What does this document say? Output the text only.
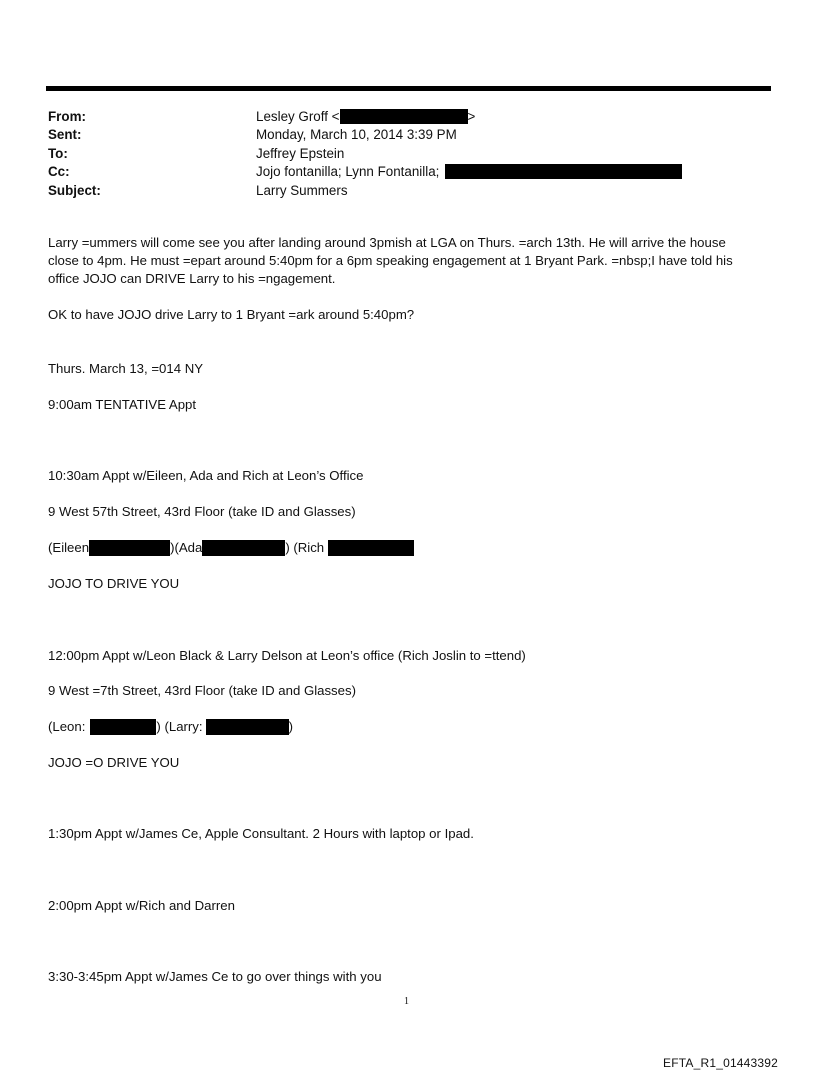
From:	Lesley Groff <	>
Sent:	Monday, March 10, 2014 3:39 PM
To:	Jeffrey Epstein
Cc:	Jojo fontanilla; Lynn Fontanilla;
Subject:	Larry Summers
Larry =ummers will come see you after landing around 3pmish at LGA on Thurs. =arch 13th. He will arrive the house
close to 4pm. He must =epart around 5:40pm for a 6pm speaking engagement at 1 Bryant Park. =nbsp;I have told his
office JOJO can DRIVE Larry to his =ngagement.
OK to have JOJO drive Larry to 1 Bryant =ark around 5:40pm?
Thurs. March 13, =014 NY
9:00am TENTATIVE Appt
10:30am Appt w/Eileen, Ada and Rich at Leon’s Office
9 West 57th Street, 43rd Floor (take ID and Glasses)
(Eileen	)(Ada	) (Rich
JOJO TO DRIVE YOU
12:00pm Appt w/Leon Black & Larry Delson at Leon’s office (Rich Joslin to =ttend)
9 West =7th Street, 43rd Floor (take ID and Glasses)
(Leon:	) (Larry:	)
JOJO =O DRIVE YOU
1:30pm Appt w/James Ce, Apple Consultant. 2 Hours with laptop or Ipad.
2:00pm Appt w/Rich and Darren
3:30-3:45pm Appt w/James Ce to go over things with you
1
EFTA_R1_01443392
